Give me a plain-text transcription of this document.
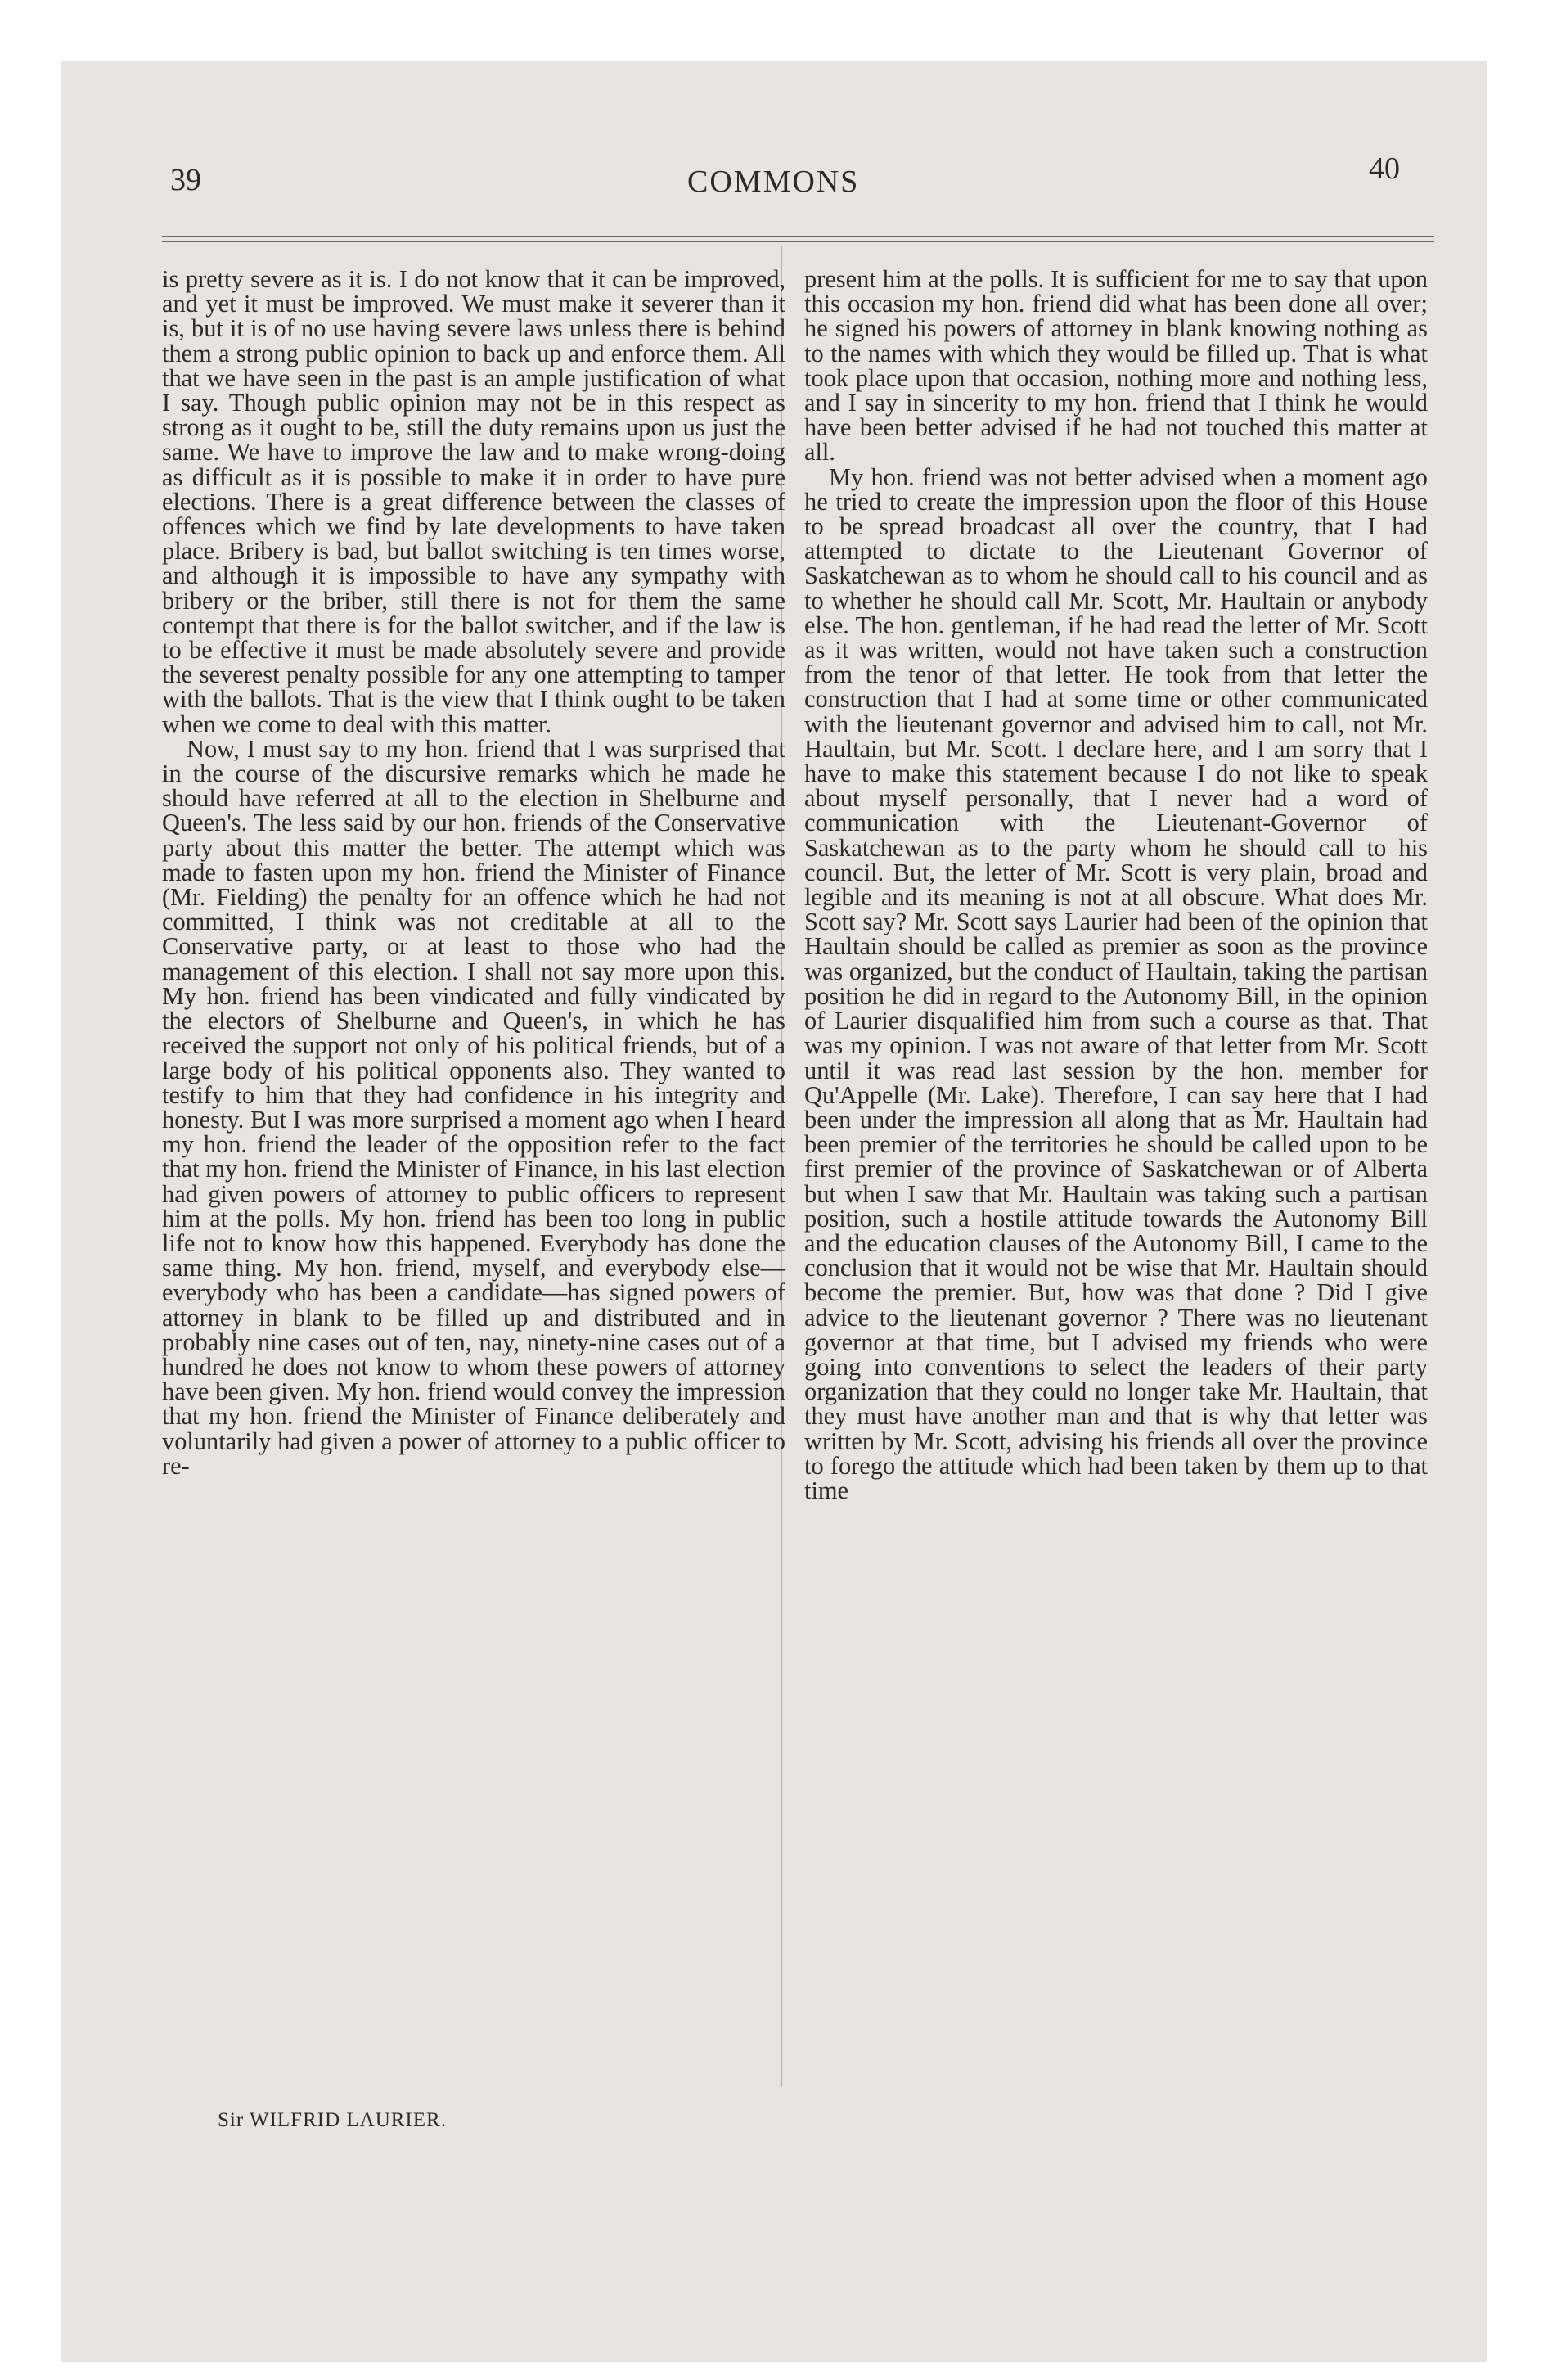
39	COMMONS	40

is pretty severe as it is. I do not know that it can be improved, and yet it must be improved. We must make it severer than it is, but it is of no use having severe laws unless there is behind them a strong public opinion to back up and enforce them. All that we have seen in the past is an ample justification of what I say. Though public opinion may not be in this respect as strong as it ought to be, still the duty remains upon us just the same. We have to improve the law and to make wrong-doing as difficult as it is possible to make it in order to have pure elections. There is a great difference between the classes of offences which we find by late developments to have taken place. Bribery is bad, but ballot switching is ten times worse, and although it is impossible to have any sympathy with bribery or the briber, still there is not for them the same contempt that there is for the ballot switcher, and if the law is to be effective it must be made absolutely severe and provide the severest penalty possible for any one attempting to tamper with the ballots. That is the view that I think ought to be taken when we come to deal with this matter.

Now, I must say to my hon. friend that I was surprised that in the course of the discursive remarks which he made he should have referred at all to the election in Shelburne and Queen's. The less said by our hon. friends of the Conservative party about this matter the better. The attempt which was made to fasten upon my hon. friend the Minister of Finance (Mr. Fielding) the penalty for an offence which he had not committed, I think was not creditable at all to the Conservative party, or at least to those who had the management of this election. I shall not say more upon this. My hon. friend has been vindicated and fully vindicated by the electors of Shelburne and Queen's, in which he has received the support not only of his political friends, but of a large body of his political opponents also. They wanted to testify to him that they had confidence in his integrity and honesty. But I was more surprised a moment ago when I heard my hon. friend the leader of the opposition refer to the fact that my hon. friend the Minister of Finance, in his last election had given powers of attorney to public officers to represent him at the polls. My hon. friend has been too long in public life not to know how this happened. Everybody has done the same thing. My hon. friend, myself, and everybody else—everybody who has been a candidate—has signed powers of attorney in blank to be filled up and distributed and in probably nine cases out of ten, nay, ninety-nine cases out of a hundred he does not know to whom these powers of attorney have been given. My hon. friend would convey the impression that my hon. friend the Minister of Finance deliberately and voluntarily had given a power of attorney to a public officer to re-

present him at the polls. It is sufficient for me to say that upon this occasion my hon. friend did what has been done all over; he signed his powers of attorney in blank knowing nothing as to the names with which they would be filled up. That is what took place upon that occasion, nothing more and nothing less, and I say in sincerity to my hon. friend that I think he would have been better advised if he had not touched this matter at all.

My hon. friend was not better advised when a moment ago he tried to create the impression upon the floor of this House to be spread broadcast all over the country, that I had attempted to dictate to the Lieutenant Governor of Saskatchewan as to whom he should call to his council and as to whether he should call Mr. Scott, Mr. Haultain or anybody else. The hon. gentleman, if he had read the letter of Mr. Scott as it was written, would not have taken such a construction from the tenor of that letter. He took from that letter the construction that I had at some time or other communicated with the lieutenant governor and advised him to call, not Mr. Haultain, but Mr. Scott. I declare here, and I am sorry that I have to make this statement because I do not like to speak about myself personally, that I never had a word of communication with the Lieutenant-Governor of Saskatchewan as to the party whom he should call to his council. But, the letter of Mr. Scott is very plain, broad and legible and its meaning is not at all obscure. What does Mr. Scott say? Mr. Scott says Laurier had been of the opinion that Haultain should be called as premier as soon as the province was organized, but the conduct of Haultain, taking the partisan position he did in regard to the Autonomy Bill, in the opinion of Laurier disqualified him from such a course as that. That was my opinion. I was not aware of that letter from Mr. Scott until it was read last session by the hon. member for Qu'Appelle (Mr. Lake). Therefore, I can say here that I had been under the impression all along that as Mr. Haultain had been premier of the territories he should be called upon to be first premier of the province of Saskatchewan or of Alberta but when I saw that Mr. Haultain was taking such a partisan position, such a hostile attitude towards the Autonomy Bill and the education clauses of the Autonomy Bill, I came to the conclusion that it would not be wise that Mr. Haultain should become the premier. But, how was that done ? Did I give advice to the lieutenant governor ? There was no lieutenant governor at that time, but I advised my friends who were going into conventions to select the leaders of their party organization that they could no longer take Mr. Haultain, that they must have another man and that is why that letter was written by Mr. Scott, advising his friends all over the province to forego the attitude which had been taken by them up to that time

Sir WILFRID LAURIER.
